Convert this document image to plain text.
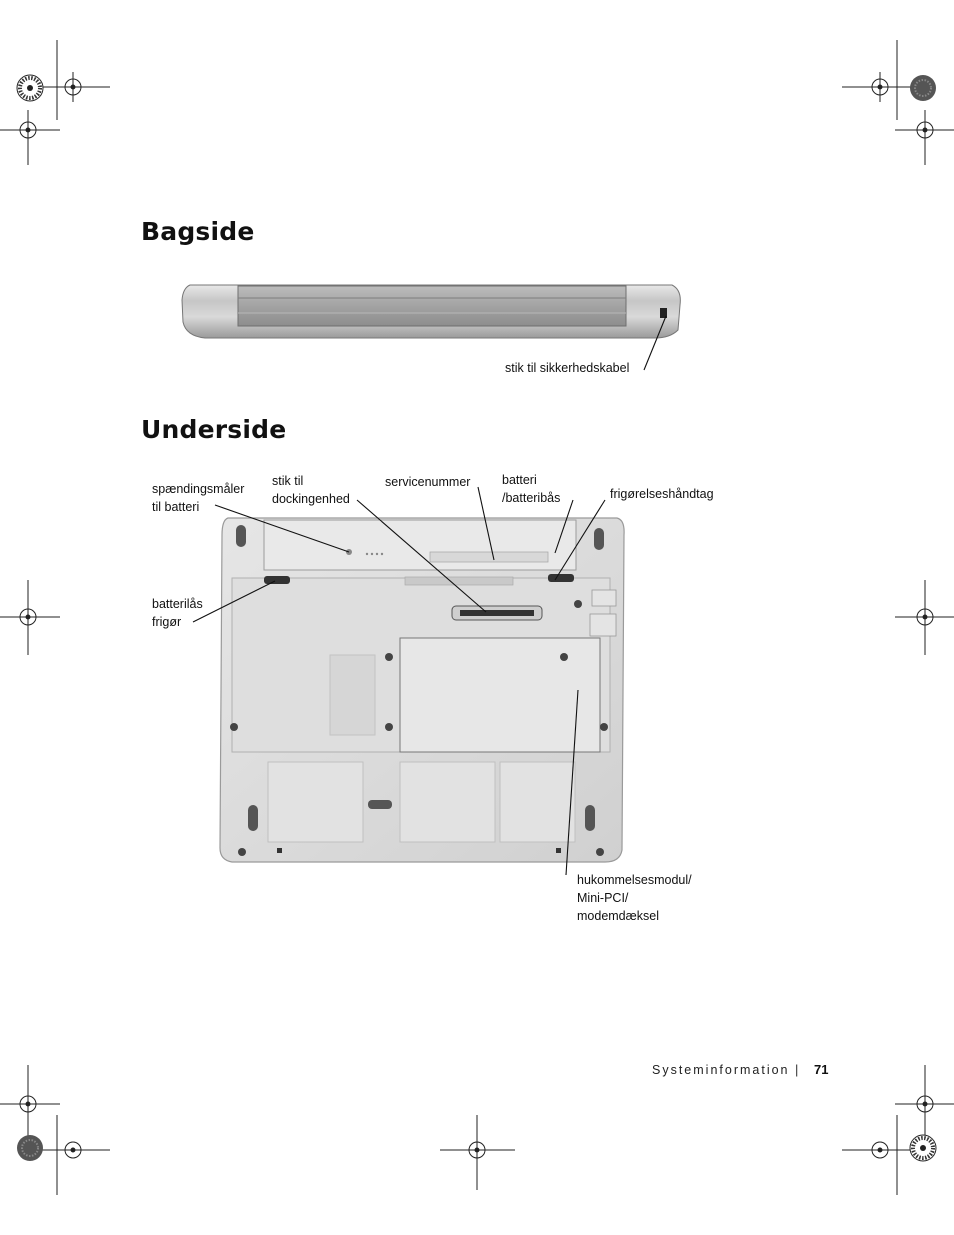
Bagside
Underside
stik til sikkerhedskabel
spændingsmåler
til batteri
stik til
dockingenhed
servicenummer	batteri
/batteribås	frigørelseshåndtag
batterilås
frigør
hukommelsesmodul/
Mini-PCI/
modemdæksel
Systeminformation | 71
